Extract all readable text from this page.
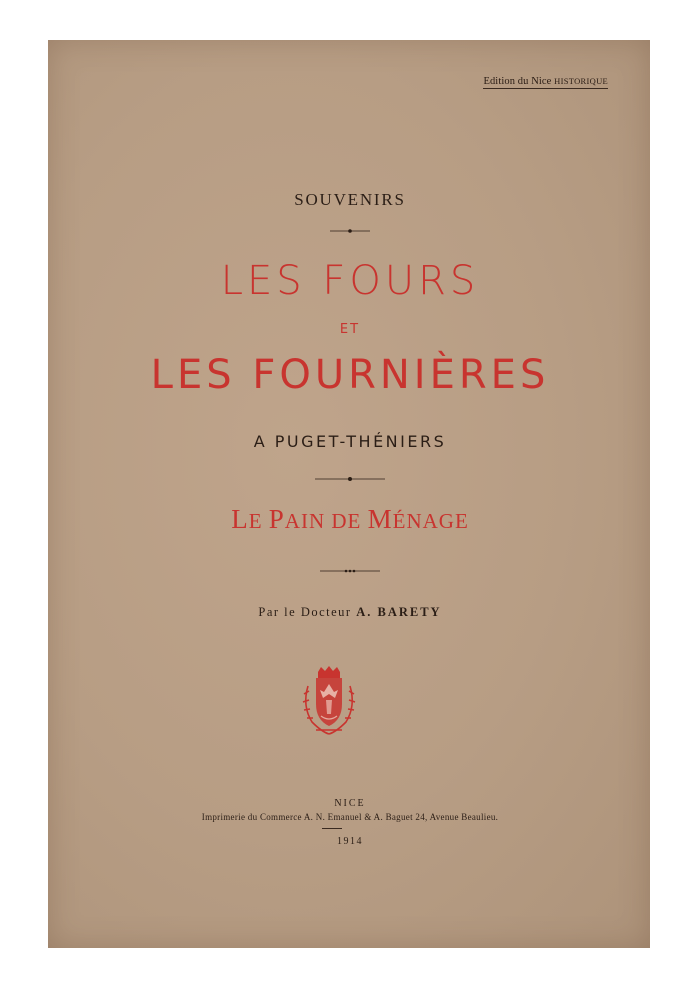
Edition du Nice HISTORIQUE
SOUVENIRS
LES FOURS
ET
LES FOURNIÈRES
A PUGET-THÉNIERS
LE PAIN DE MÉNAGE
Par le Docteur A. BARETY
NICE
Imprimerie du Commerce A. N. Emanuel & A. Baguet 24, Avenue Beaulieu.
1914
